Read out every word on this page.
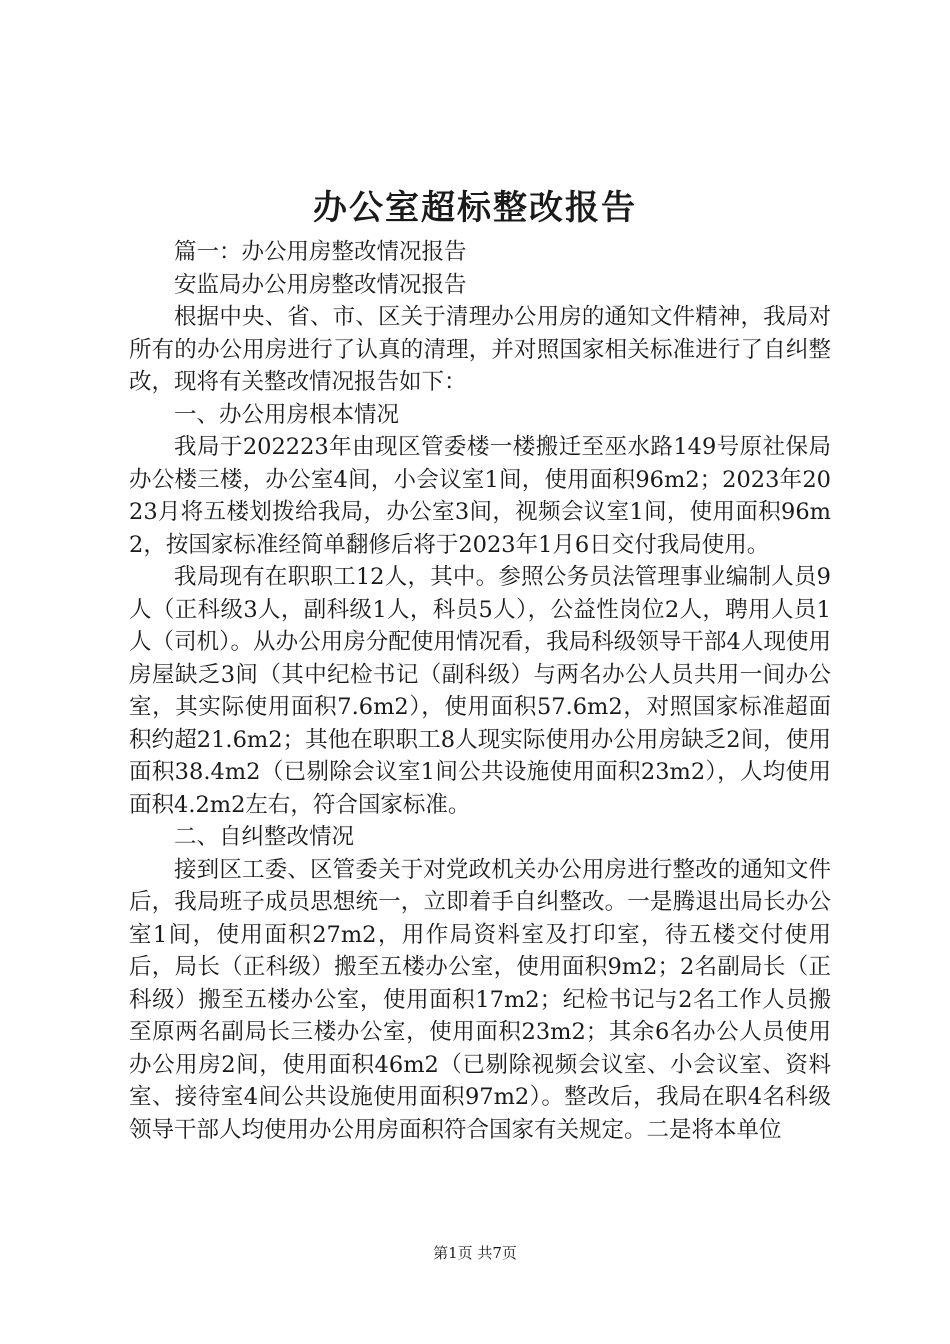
办公室超标整改报告

篇一：办公用房整改情况报告

安监局办公用房整改情况报告

根据中央、省、市、区关于清理办公用房的通知文件精神，我局对所有的办公用房进行了认真的清理，并对照国家相关标准进行了自纠整改，现将有关整改情况报告如下：

一、办公用房根本情况

我局于202223年由现区管委楼一楼搬迁至巫水路149号原社保局办公楼三楼，办公室4间，小会议室1间，使用面积96m2；2023年2023月将五楼划拨给我局，办公室3间，视频会议室1间，使用面积96m2，按国家标准经简单翻修后将于2023年1月6日交付我局使用。

我局现有在职职工12人，其中。参照公务员法管理事业编制人员9人（正科级3人，副科级1人，科员5人），公益性岗位2人，聘用人员1人（司机）。从办公用房分配使用情况看，我局科级领导干部4人现使用房屋缺乏3间（其中纪检书记（副科级）与两名办公人员共用一间办公室，其实际使用面积7.6m2），使用面积57.6m2，对照国家标准超面积约超21.6m2；其他在职职工8人现实际使用办公用房缺乏2间，使用面积38.4m2（已剔除会议室1间公共设施使用面积23m2），人均使用面积4.2m2左右，符合国家标准。

二、自纠整改情况

接到区工委、区管委关于对党政机关办公用房进行整改的通知文件后，我局班子成员思想统一，立即着手自纠整改。一是腾退出局长办公室1间，使用面积27m2，用作局资料室及打印室，待五楼交付使用后，局长（正科级）搬至五楼办公室，使用面积9m2；2名副局长（正科级）搬至五楼办公室，使用面积17m2；纪检书记与2名工作人员搬至原两名副局长三楼办公室，使用面积23m2；其余6名办公人员使用办公用房2间，使用面积46m2（已剔除视频会议室、小会议室、资料室、接待室4间公共设施使用面积97m2）。整改后，我局在职4名科级领导干部人均使用办公用房面积符合国家有关规定。二是将本单位

第1页 共7页
